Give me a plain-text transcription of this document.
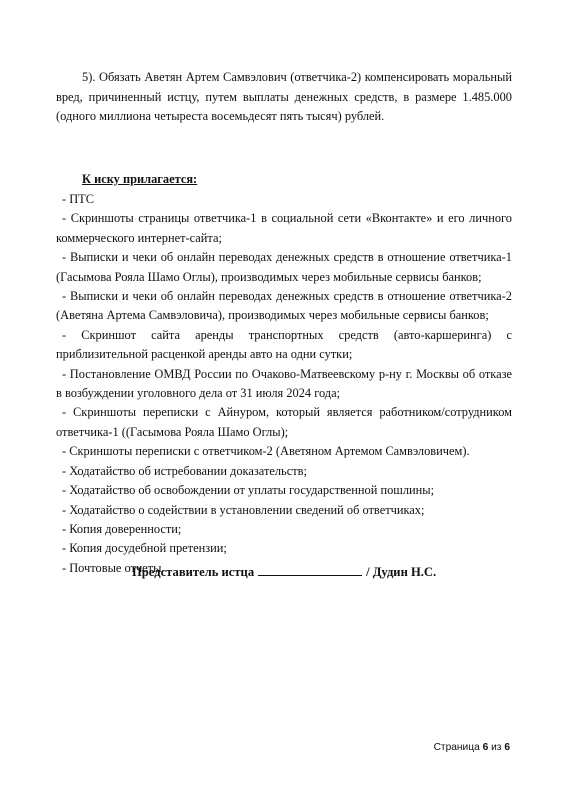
5). Обязать Аветян Артем Самвэлович (ответчика-2) компенсировать моральный вред, причиненный истцу, путем выплаты денежных средств, в размере 1.485.000 (одного миллиона четыреста восемьдесят пять тысяч) рублей.
К иску прилагается:
- ПТС
- Скриншоты страницы ответчика-1 в социальной сети «Вконтакте» и его личного коммерческого интернет-сайта;
- Выписки и чеки об онлайн переводах денежных средств в отношение ответчика-1 (Гасымова Рояла Шамо Оглы), производимых через мобильные сервисы банков;
- Выписки и чеки об онлайн переводах денежных средств в отношение ответчика-2 (Аветяна Артема Самвэловича), производимых через мобильные сервисы банков;
- Скриншот сайта аренды транспортных средств (авто-каршеринга) с приблизительной расценкой аренды авто на одни сутки;
- Постановление ОМВД России по Очаково-Матвеевскому р-ну г. Москвы об отказе в возбуждении уголовного дела от 31 июля 2024 года;
- Скриншоты переписки с Айнуром, который является работником/сотрудником ответчика-1 ((Гасымова Рояла Шамо Оглы);
- Скриншоты переписки с ответчиком-2 (Аветяном Артемом Самвэловичем).
- Ходатайство об истребовании доказательств;
- Ходатайство об освобождении от уплаты государственной пошлины;
- Ходатайство о содействии в установлении сведений об ответчиках;
- Копия доверенности;
- Копия досудебной претензии;
- Почтовые отчеты.
Представитель истца	/ Дудин Н.С.
Страница 6 из 6
